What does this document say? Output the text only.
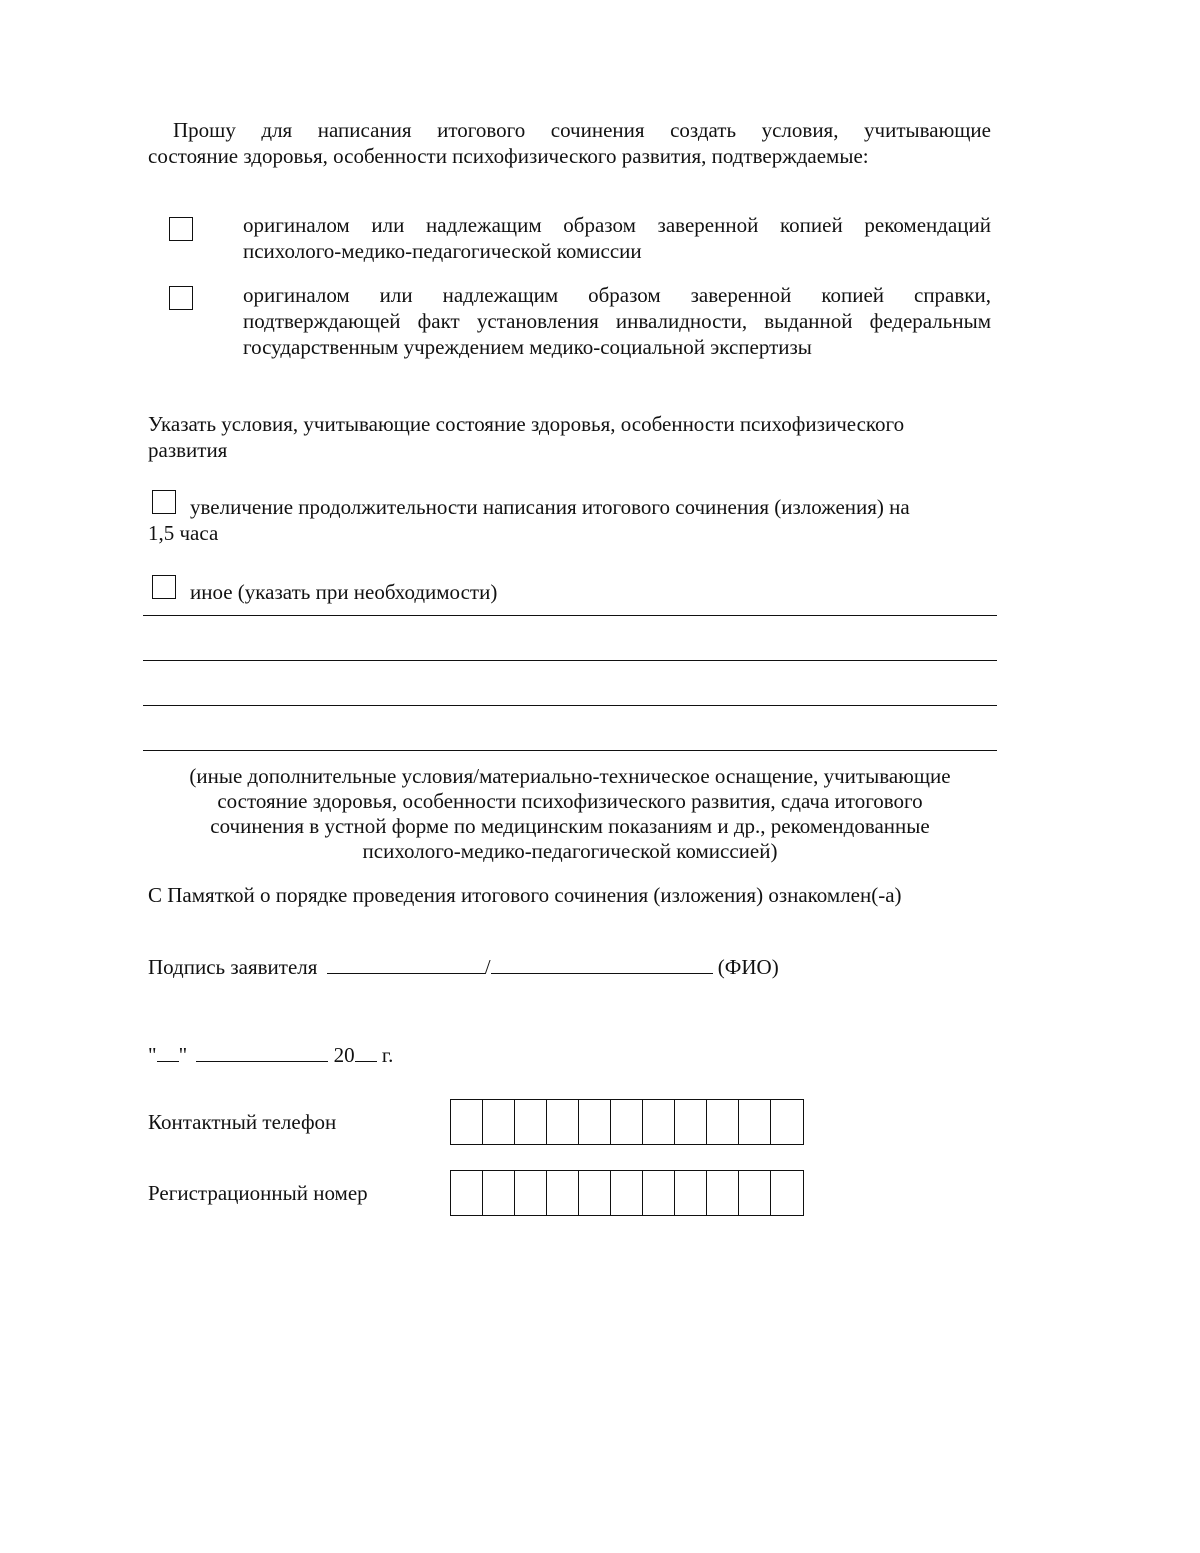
Прошу для написания итогового сочинения создать условия, учитывающие
состояние здоровья, особенности психофизического развития, подтверждаемые:
оригиналом или надлежащим образом заверенной копией рекомендаций
психолого-медико-педагогической комиссии
оригиналом или надлежащим образом заверенной копией справки,
подтверждающей факт установления инвалидности, выданной федеральным
государственным учреждением медико-социальной экспертизы
Указать условия, учитывающие состояние здоровья, особенности психофизического
развития
увеличение продолжительности написания итогового сочинения (изложения) на
1,5 часа
иное (указать при необходимости)
(иные дополнительные условия/материально-техническое оснащение, учитывающие
состояние здоровья, особенности психофизического развития, сдача итогового
сочинения в устной форме по медицинским показаниям и др., рекомендованные
психолого-медико-педагогической комиссией)
С Памяткой о порядке проведения итогового сочинения (изложения) ознакомлен(-а)
Подпись заявителя	/	(ФИО)
" "	20 г.
Контактный телефон
Регистрационный номер
